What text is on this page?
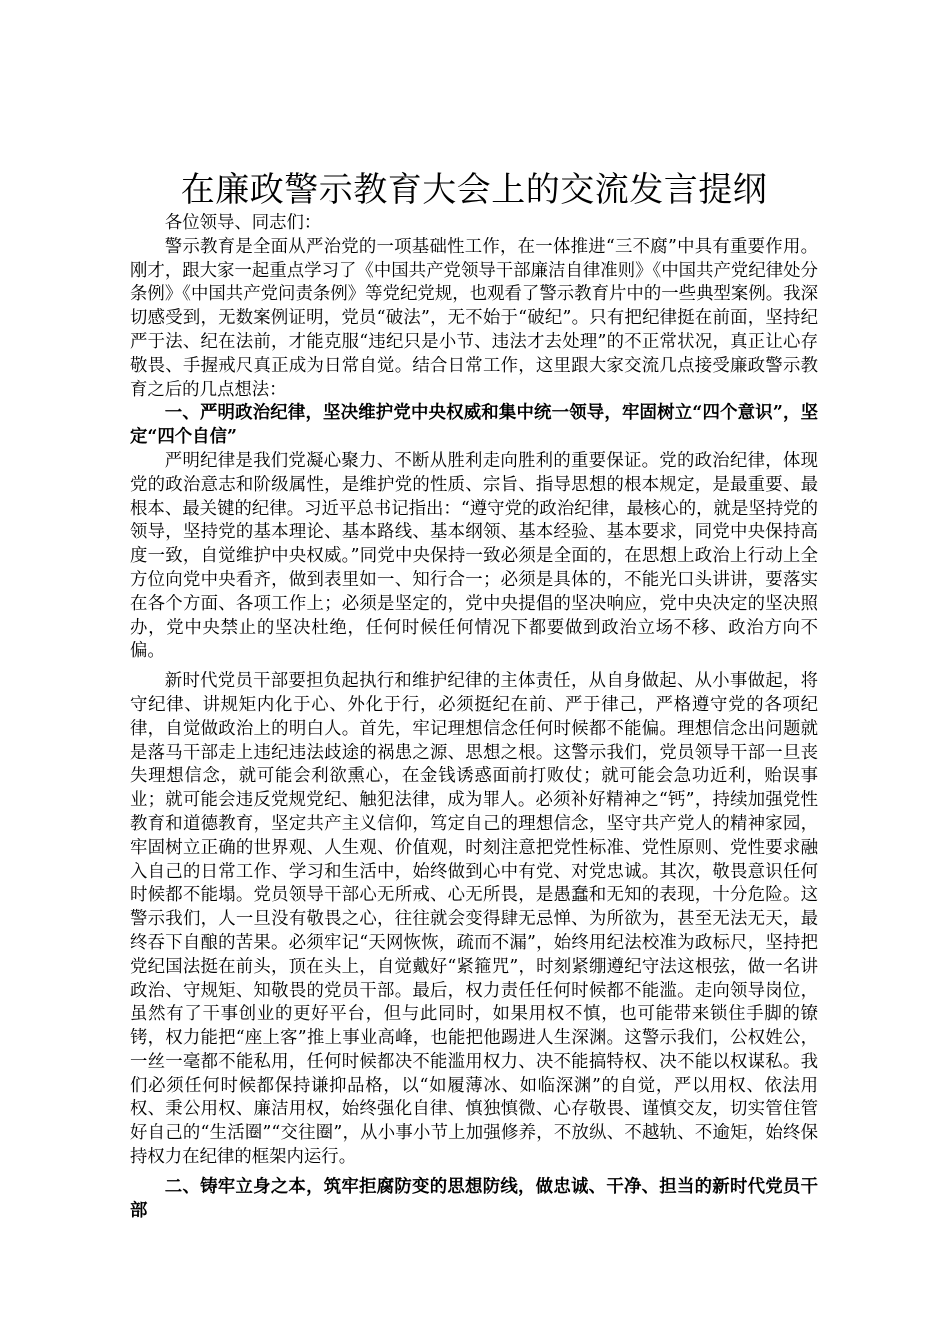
在廉政警示教育大会上的交流发言提纲

各位领导、同志们：

警示教育是全面从严治党的一项基础性工作，在一体推进“三不腐”中具有重要作用。刚才，跟大家一起重点学习了《中国共产党领导干部廉洁自律准则》《中国共产党纪律处分条例》《中国共产党问责条例》等党纪党规，也观看了警示教育片中的一些典型案例。我深切感受到，无数案例证明，党员“破法”，无不始于“破纪”。只有把纪律挺在前面，坚持纪严于法、纪在法前，才能克服“违纪只是小节、违法才去处理”的不正常状况，真正让心存敬畏、手握戒尺真正成为日常自觉。结合日常工作，这里跟大家交流几点接受廉政警示教育之后的几点想法：

一、严明政治纪律，坚决维护党中央权威和集中统一领导，牢固树立“四个意识”，坚定“四个自信”

严明纪律是我们党凝心聚力、不断从胜利走向胜利的重要保证。党的政治纪律，体现党的政治意志和阶级属性，是维护党的性质、宗旨、指导思想的根本规定，是最重要、最根本、最关键的纪律。习近平总书记指出：“遵守党的政治纪律，最核心的，就是坚持党的领导，坚持党的基本理论、基本路线、基本纲领、基本经验、基本要求，同党中央保持高度一致，自觉维护中央权威。”同党中央保持一致必须是全面的，在思想上政治上行动上全方位向党中央看齐，做到表里如一、知行合一；必须是具体的，不能光口头讲讲，要落实在各个方面、各项工作上；必须是坚定的，党中央提倡的坚决响应，党中央决定的坚决照办，党中央禁止的坚决杜绝，任何时候任何情况下都要做到政治立场不移、政治方向不偏。

新时代党员干部要担负起执行和维护纪律的主体责任，从自身做起、从小事做起，将守纪律、讲规矩内化于心、外化于行，必须挺纪在前、严于律己，严格遵守党的各项纪律，自觉做政治上的明白人。首先，牢记理想信念任何时候都不能偏。理想信念出问题就是落马干部走上违纪违法歧途的祸患之源、思想之根。这警示我们，党员领导干部一旦丧失理想信念，就可能会利欲熏心，在金钱诱惑面前打败仗；就可能会急功近利，贻误事业；就可能会违反党规党纪、触犯法律，成为罪人。必须补好精神之“钙”，持续加强党性教育和道德教育，坚定共产主义信仰，笃定自己的理想信念，坚守共产党人的精神家园，牢固树立正确的世界观、人生观、价值观，时刻注意把党性标准、党性原则、党性要求融入自己的日常工作、学习和生活中，始终做到心中有党、对党忠诚。其次，敬畏意识任何时候都不能塌。党员领导干部心无所戒、心无所畏，是愚蠢和无知的表现，十分危险。这警示我们，人一旦没有敬畏之心，往往就会变得肆无忌惮、为所欲为，甚至无法无天，最终吞下自酿的苦果。必须牢记“天网恢恢，疏而不漏”，始终用纪法校准为政标尺，坚持把党纪国法挺在前头，顶在头上，自觉戴好“紧箍咒”，时刻紧绷遵纪守法这根弦，做一名讲政治、守规矩、知敬畏的党员干部。最后，权力责任任何时候都不能滥。走向领导岗位，虽然有了干事创业的更好平台，但与此同时，如果用权不慎，也可能带来锁住手脚的镣铐，权力能把“座上客”推上事业高峰，也能把他踢进人生深渊。这警示我们，公权姓公，一丝一毫都不能私用，任何时候都决不能滥用权力、决不能搞特权、决不能以权谋私。我们必须任何时候都保持谦抑品格，以“如履薄冰、如临深渊”的自觉，严以用权、依法用权、秉公用权、廉洁用权，始终强化自律、慎独慎微、心存敬畏、谨慎交友，切实管住管好自己的“生活圈”“交往圈”，从小事小节上加强修养，不放纵、不越轨、不逾矩，始终保持权力在纪律的框架内运行。

二、铸牢立身之本，筑牢拒腐防变的思想防线，做忠诚、干净、担当的新时代党员干部
